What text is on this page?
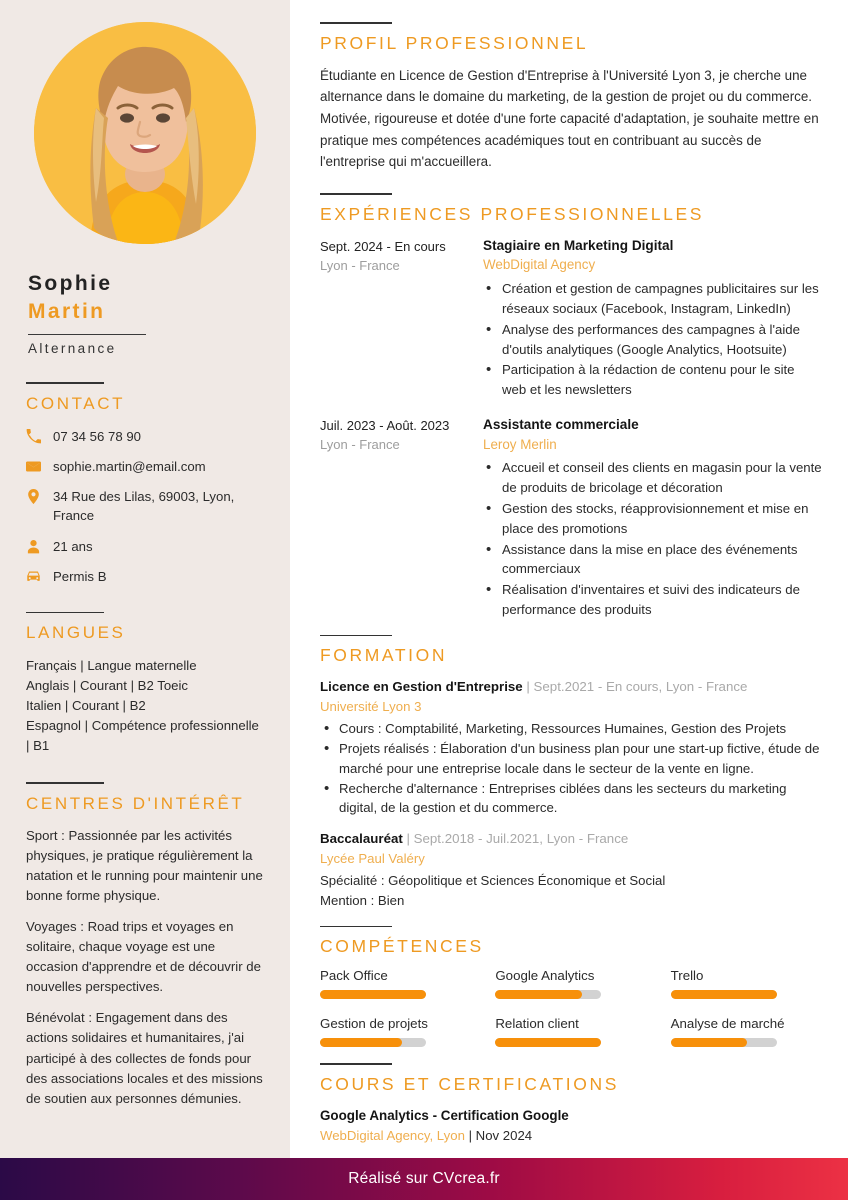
Sophie
Martin
Alternance
CONTACT
07 34 56 78 90
sophie.martin@email.com
34 Rue des Lilas, 69003, Lyon, France
21 ans
Permis B
LANGUES
Français | Langue maternelle
Anglais | Courant | B2 Toeic
Italien | Courant | B2
Espagnol | Compétence professionnelle | B1
CENTRES D'INTÉRÊT

Sport : Passionnée par les activités physiques, je pratique régulièrement la natation et le running pour maintenir une bonne forme physique.

Voyages : Road trips et voyages en solitaire, chaque voyage est une occasion d'apprendre et de découvrir de nouvelles perspectives.

Bénévolat : Engagement dans des actions solidaires et humanitaires, j'ai participé à des collectes de fonds pour des associations locales et des missions de soutien aux personnes démunies.

PROFIL PROFESSIONNEL

Étudiante en Licence de Gestion d'Entreprise à l'Université Lyon 3, je cherche une alternance dans le domaine du marketing, de la gestion de projet ou du commerce. Motivée, rigoureuse et dotée d'une forte capacité d'adaptation, je souhaite mettre en pratique mes compétences académiques tout en contribuant au succès de l'entreprise qui m'accueillera.

EXPÉRIENCES PROFESSIONNELLES
Sept. 2024 - En cours
Lyon - France
Stagiaire en Marketing Digital
WebDigital Agency
• Création et gestion de campagnes publicitaires sur les réseaux sociaux (Facebook, Instagram, LinkedIn)
• Analyse des performances des campagnes à l'aide d'outils analytiques (Google Analytics, Hootsuite)
• Participation à la rédaction de contenu pour le site web et les newsletters
Juil. 2023 - Août. 2023
Lyon - France
Assistante commerciale
Leroy Merlin
• Accueil et conseil des clients en magasin pour la vente de produits de bricolage et décoration
• Gestion des stocks, réapprovisionnement et mise en place des promotions
• Assistance dans la mise en place des événements commerciaux
• Réalisation d'inventaires et suivi des indicateurs de performance des produits
FORMATION
Licence en Gestion d'Entreprise | Sept.2021 - En cours, Lyon - France
Université Lyon 3
• Cours : Comptabilité, Marketing, Ressources Humaines, Gestion des Projets
• Projets réalisés : Élaboration d'un business plan pour une start-up fictive, étude de marché pour une entreprise locale dans le secteur de la vente en ligne.
• Recherche d'alternance : Entreprises ciblées dans les secteurs du marketing digital, de la gestion et du commerce.
Baccalauréat | Sept.2018 - Juil.2021, Lyon - France
Lycée Paul Valéry
Spécialité : Géopolitique et Sciences Économique et Social
Mention : Bien
COMPÉTENCES
Pack Office	Google Analytics	Trello
Gestion de projets	Relation client	Analyse de marché
COURS ET CERTIFICATIONS
Google Analytics - Certification Google
WebDigital Agency, Lyon | Nov 2024
Réalisé sur CVcrea.fr
